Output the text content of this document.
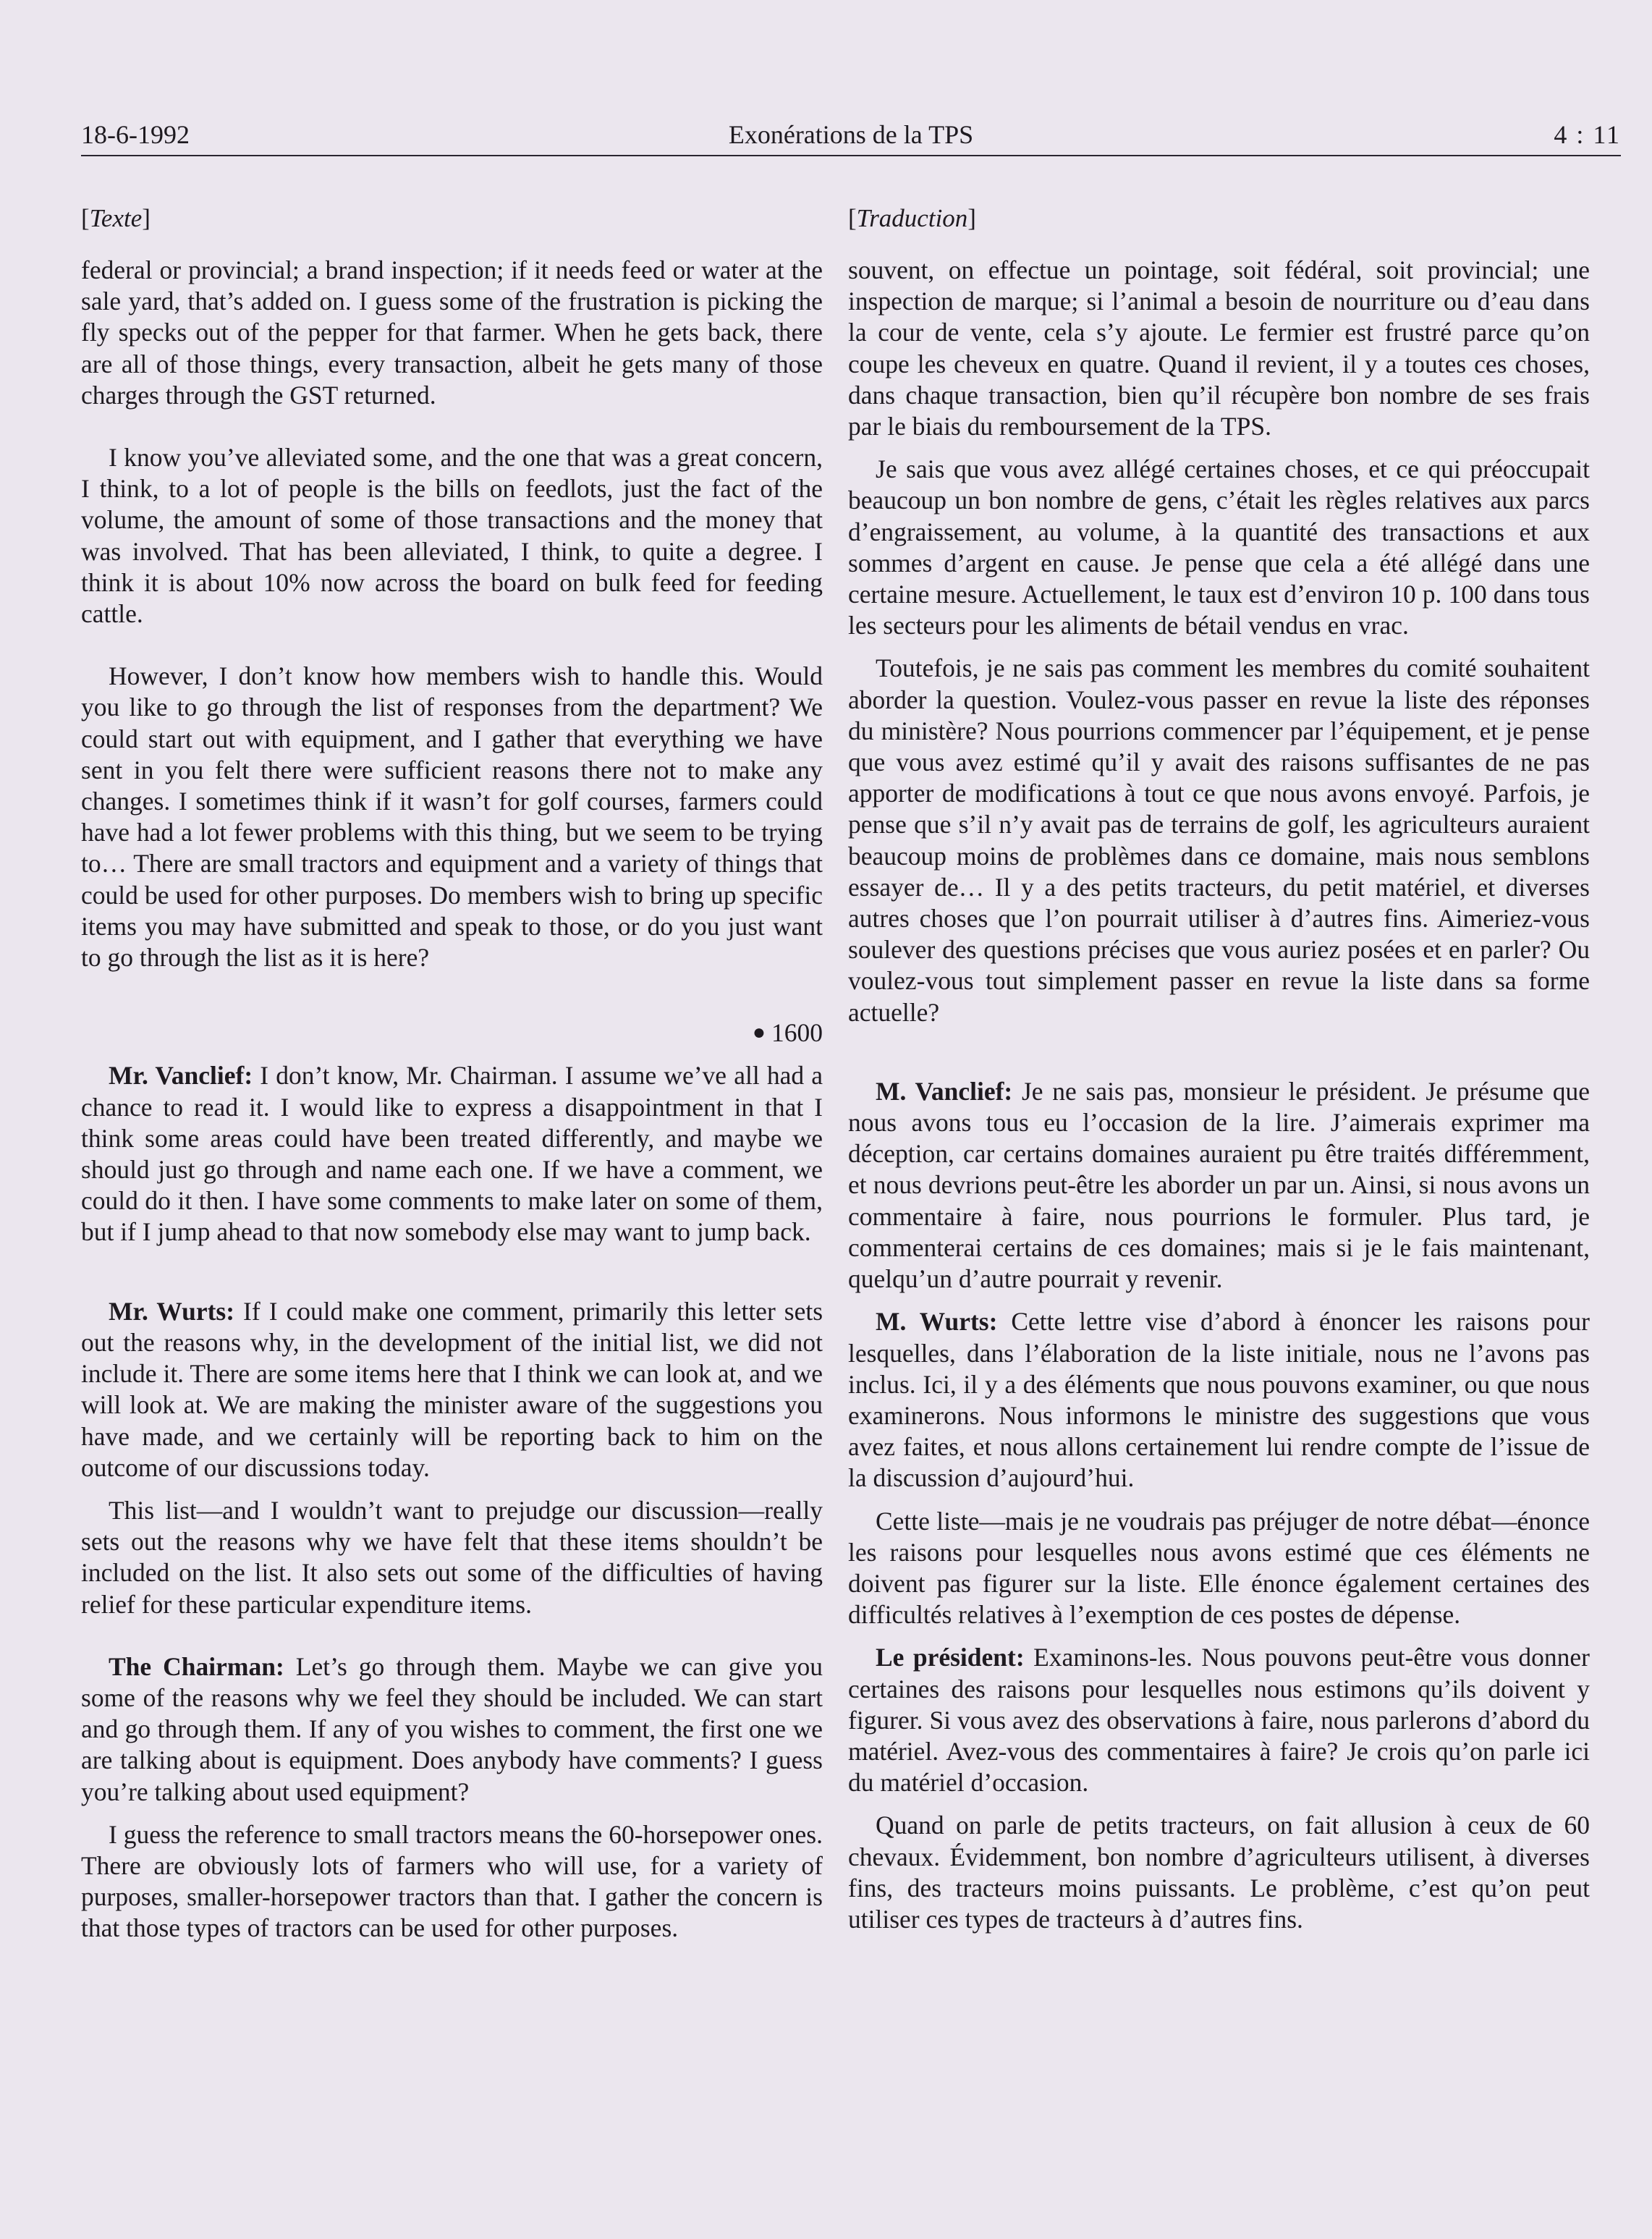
18-6-1992	Exonérations de la TPS	4 : 11
[Texte]

federal or provincial; a brand inspection; if it needs feed or water at the sale yard, that’s added on. I guess some of the frustration is picking the fly specks out of the pepper for that farmer. When he gets back, there are all of those things, every transaction, albeit he gets many of those charges through the GST returned.

I know you’ve alleviated some, and the one that was a great concern, I think, to a lot of people is the bills on feedlots, just the fact of the volume, the amount of some of those transactions and the money that was involved. That has been alleviated, I think, to quite a degree. I think it is about 10% now across the board on bulk feed for feeding cattle.

However, I don’t know how members wish to handle this. Would you like to go through the list of responses from the department? We could start out with equipment, and I gather that everything we have sent in you felt there were sufficient reasons there not to make any changes. I sometimes think if it wasn’t for golf courses, farmers could have had a lot fewer problems with this thing, but we seem to be trying to… There are small tractors and equipment and a variety of things that could be used for other purposes. Do members wish to bring up specific items you may have submitted and speak to those, or do you just want to go through the list as it is here?

● 1600

Mr. Vanclief: I don’t know, Mr. Chairman. I assume we’ve all had a chance to read it. I would like to express a disappointment in that I think some areas could have been treated differently, and maybe we should just go through and name each one. If we have a comment, we could do it then. I have some comments to make later on some of them, but if I jump ahead to that now somebody else may want to jump back.

Mr. Wurts: If I could make one comment, primarily this letter sets out the reasons why, in the development of the initial list, we did not include it. There are some items here that I think we can look at, and we will look at. We are making the minister aware of the suggestions you have made, and we certainly will be reporting back to him on the outcome of our discussions today.

This list—and I wouldn’t want to prejudge our discussion—really sets out the reasons why we have felt that these items shouldn’t be included on the list. It also sets out some of the difficulties of having relief for these particular expenditure items.

The Chairman: Let’s go through them. Maybe we can give you some of the reasons why we feel they should be included. We can start and go through them. If any of you wishes to comment, the first one we are talking about is equipment. Does anybody have comments? I guess you’re talking about used equipment?

I guess the reference to small tractors means the 60-horsepower ones. There are obviously lots of farmers who will use, for a variety of purposes, smaller-horsepower tractors than that. I gather the concern is that those types of tractors can be used for other purposes.

[Traduction]

souvent, on effectue un pointage, soit fédéral, soit provincial; une inspection de marque; si l’animal a besoin de nourriture ou d’eau dans la cour de vente, cela s’y ajoute. Le fermier est frustré parce qu’on coupe les cheveux en quatre. Quand il revient, il y a toutes ces choses, dans chaque transaction, bien qu’il récupère bon nombre de ses frais par le biais du remboursement de la TPS.

Je sais que vous avez allégé certaines choses, et ce qui préoccupait beaucoup un bon nombre de gens, c’était les règles relatives aux parcs d’engraissement, au volume, à la quantité des transactions et aux sommes d’argent en cause. Je pense que cela a été allégé dans une certaine mesure. Actuellement, le taux est d’environ 10 p. 100 dans tous les secteurs pour les aliments de bétail vendus en vrac.

Toutefois, je ne sais pas comment les membres du comité souhaitent aborder la question. Voulez-vous passer en revue la liste des réponses du ministère? Nous pourrions commencer par l’équipement, et je pense que vous avez estimé qu’il y avait des raisons suffisantes de ne pas apporter de modifications à tout ce que nous avons envoyé. Parfois, je pense que s’il n’y avait pas de terrains de golf, les agriculteurs auraient beaucoup moins de problèmes dans ce domaine, mais nous semblons essayer de… Il y a des petits tracteurs, du petit matériel, et diverses autres choses que l’on pourrait utiliser à d’autres fins. Aimeriez-vous soulever des questions précises que vous auriez posées et en parler? Ou voulez-vous tout simplement passer en revue la liste dans sa forme actuelle?

M. Vanclief: Je ne sais pas, monsieur le président. Je présume que nous avons tous eu l’occasion de la lire. J’aimerais exprimer ma déception, car certains domaines auraient pu être traités différemment, et nous devrions peut-être les aborder un par un. Ainsi, si nous avons un commentaire à faire, nous pourrions le formuler. Plus tard, je commenterai certains de ces domaines; mais si je le fais maintenant, quelqu’un d’autre pourrait y revenir.

M. Wurts: Cette lettre vise d’abord à énoncer les raisons pour lesquelles, dans l’élaboration de la liste initiale, nous ne l’avons pas inclus. Ici, il y a des éléments que nous pouvons examiner, ou que nous examinerons. Nous informons le ministre des suggestions que vous avez faites, et nous allons certainement lui rendre compte de l’issue de la discussion d’aujourd’hui.

Cette liste—mais je ne voudrais pas préjuger de notre débat—énonce les raisons pour lesquelles nous avons estimé que ces éléments ne doivent pas figurer sur la liste. Elle énonce également certaines des difficultés relatives à l’exemption de ces postes de dépense.

Le président: Examinons-les. Nous pouvons peut-être vous donner certaines des raisons pour lesquelles nous estimons qu’ils doivent y figurer. Si vous avez des observations à faire, nous parlerons d’abord du matériel. Avez-vous des commentaires à faire? Je crois qu’on parle ici du matériel d’occasion.

Quand on parle de petits tracteurs, on fait allusion à ceux de 60 chevaux. Évidemment, bon nombre d’agriculteurs utilisent, à diverses fins, des tracteurs moins puissants. Le problème, c’est qu’on peut utiliser ces types de tracteurs à d’autres fins.
